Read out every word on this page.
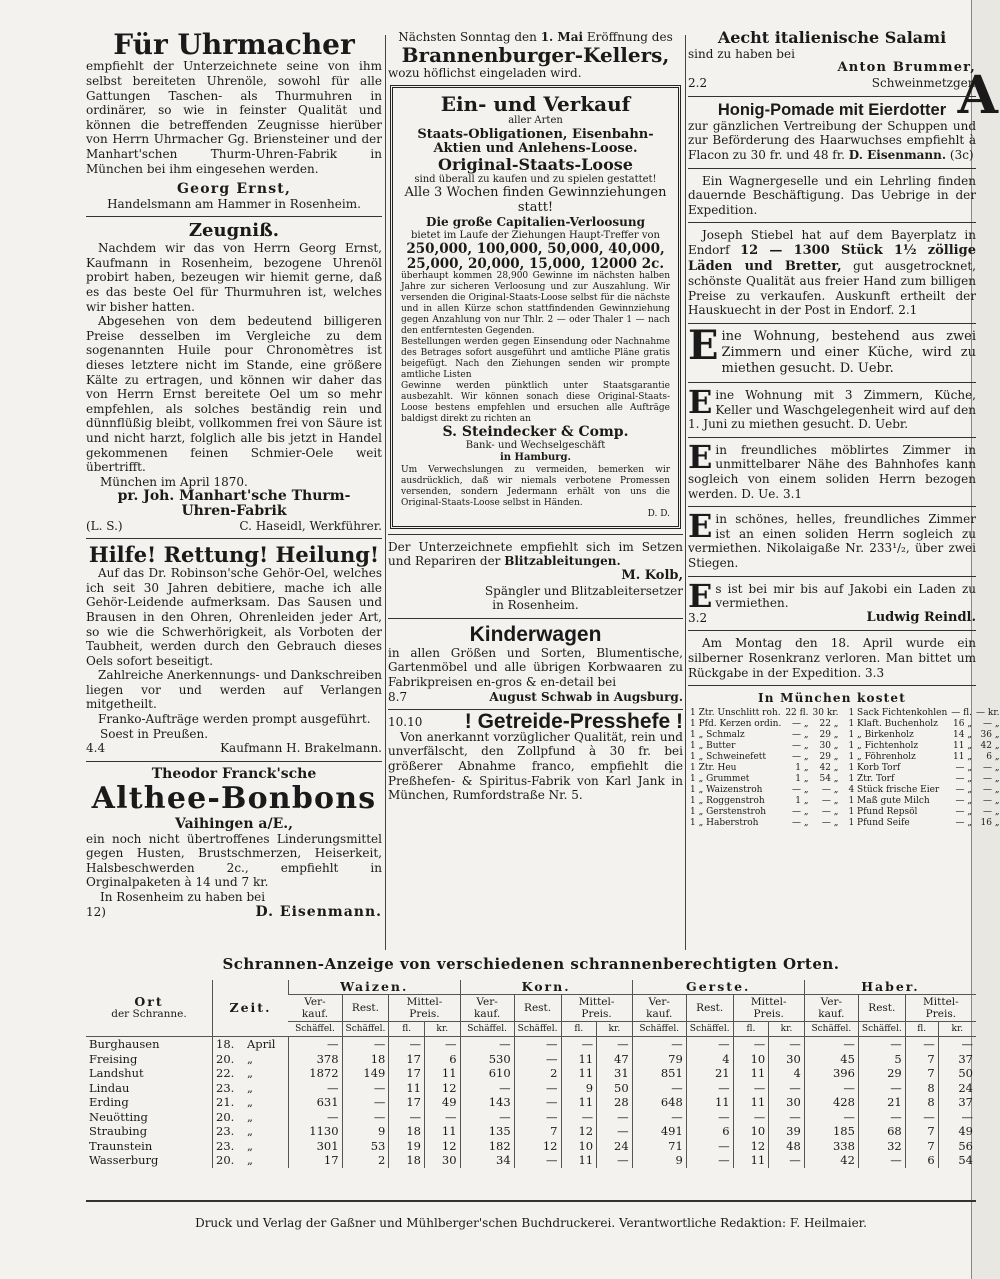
A
Für Uhrmacher
empfiehlt der Unterzeichnete seine von ihm selbst bereiteten Uhrenöle, sowohl für alle Gattungen Taschen- als Thurmuhren in ordinärer, so wie in feinster Qualität und können die betreffenden Zeugnisse hierüber von Herrn Uhrmacher Gg. Briensteiner und der Manhart'schen Thurm-Uhren-Fabrik in München bei ihm eingesehen werden.
Georg Ernst,
Handelsmann am Hammer in Rosenheim.
Zeugniß.
Nachdem wir das von Herrn Georg Ernst, Kaufmann in Rosenheim, bezogene Uhrenöl probirt haben, bezeugen wir hiemit gerne, daß es das beste Oel für Thurmuhren ist, welches wir bisher hatten.
Abgesehen von dem bedeutend billigeren Preise desselben im Vergleiche zu dem sogenannten Huile pour Chronomètres ist dieses letztere nicht im Stande, eine größere Kälte zu ertragen, und können wir daher das von Herrn Ernst bereitete Oel um so mehr empfehlen, als solches beständig rein und dünnflüßig bleibt, vollkommen frei von Säure ist und nicht harzt, folglich alle bis jetzt in Handel gekommenen feinen Schmier-Oele weit übertrifft.
München im April 1870.
pr. Joh. Manhart'sche Thurm-
Uhren-Fabrik
(L. S.)	C. Haseidl, Werkführer.
Hilfe! Rettung! Heilung!
Auf das Dr. Robinson'sche Gehör-Oel, welches ich seit 30 Jahren debitiere, mache ich alle Gehör-Leidende aufmerksam. Das Sausen und Brausen in den Ohren, Ohrenleiden jeder Art, so wie die Schwerhörigkeit, als Vorboten der Taubheit, werden durch den Gebrauch dieses Oels sofort beseitigt.
Zahlreiche Anerkennungs- und Dankschreiben liegen vor und werden auf Verlangen mitgetheilt.
Franko-Aufträge werden prompt ausgeführt.
Soest in Preußen.
4.4	Kaufmann H. Brakelmann.
Theodor Franck'sche
Althee-Bonbons
Vaihingen a/E.,
ein noch nicht übertroffenes Linderungsmittel gegen Husten, Brustschmerzen, Heiserkeit, Halsbeschwerden 2c., empfiehlt in Orginalpaketen à 14 und 7 kr.
In Rosenheim zu haben bei
12)	D. Eisenmann.
Nächsten Sonntag den 1. Mai Eröffnung des
Brannenburger-Kellers,
wozu höflichst eingeladen wird.
Ein- und Verkauf
aller Arten
Staats-Obligationen, Eisenbahn-Aktien und Anlehens-Loose.
Original-Staats-Loose
sind überall zu kaufen und zu spielen gestattet!
Alle 3 Wochen finden Gewinnziehungen statt!
Die große Capitalien-Verloosung
bietet im Laufe der Ziehungen Haupt-Treffer von
250,000, 100,000, 50,000, 40,000,
25,000, 20,000, 15,000, 12000 2c.
überhaupt kommen 28,900 Gewinne im nächsten halben Jahre zur sicheren Verloosung und zur Auszahlung. Wir versenden die Original-Staats-Loose selbst für die nächste und in allen Kürze schon stattfindenden Gewinnziehung gegen Anzahlung von nur Thlr. 2 — oder Thaler 1 — nach den entferntesten Gegenden.
Bestellungen werden gegen Einsendung oder Nachnahme des Betrages sofort ausgeführt und amtliche Pläne gratis beigefügt. Nach den Ziehungen senden wir prompte amtliche Listen
Gewinne werden pünktlich unter Staatsgarantie ausbezahlt. Wir können sonach diese Original-Staats-Loose bestens empfehlen und ersuchen alle Aufträge baldigst direkt zu richten an
S. Steindecker & Comp.
Bank- und Wechselgeschäft
in Hamburg.
Um Verwechslungen zu vermeiden, bemerken wir ausdrücklich, daß wir niemals verbotene Promessen versenden, sondern Jedermann erhält von uns die Original-Staats-Loose selbst in Händen.
D. D.
Der Unterzeichnete empfiehlt sich im Setzen und Repariren der Blitzableitungen.
M. Kolb,
Spängler und Blitzableitersetzer
in Rosenheim.
Kinderwagen
in allen Größen und Sorten, Blumentische, Gartenmöbel und alle übrigen Korbwaaren zu Fabrikpreisen en-gros & en-detail bei
8.7	August Schwab in Augsburg.
10.10 ! Getreide-Presshefe !
Von anerkannt vorzüglicher Qualität, rein und unverfälscht, den Zollpfund à 30 fr. bei größerer Abnahme franco, empfiehlt die Preßhefen- & Spiritus-Fabrik von Karl Jank in München, Rumfordstraße Nr. 5.
Aecht italienische Salami
sind zu haben bei
Anton Brummer,
2.2	Schweinmetzger.
Honig-Pomade mit Eierdotter
zur gänzlichen Vertreibung der Schuppen und zur Beförderung des Haarwuchses empfiehlt à Flacon zu 30 fr. und 48 fr. D. Eisenmann. (3c)
Ein Wagnergeselle und ein Lehrling finden dauernde Beschäftigung. Das Uebrige in der Expedition.
Joseph Stiebel hat auf dem Bayerplatz in Endorf 12 — 1300 Stück 1½ zöllige Läden und Bretter, gut ausgetrocknet, schönste Qualität aus freier Hand zum billigen Preise zu verkaufen. Auskunft ertheilt der Hauskuecht in der Post in Endorf. 2.1
Eine Wohnung, bestehend aus zwei Zimmern und einer Küche, wird zu miethen gesucht. D. Uebr.
Eine Wohnung mit 3 Zimmern, Küche, Keller und Waschgelegenheit wird auf den 1. Juni zu miethen gesucht. D. Uebr.
Ein freundliches möblirtes Zimmer in unmittelbarer Nähe des Bahnhofes kann sogleich von einem soliden Herrn bezogen werden. D. Ue. 3.1
Ein schönes, helles, freundliches Zimmer ist an einen soliden Herrn sogleich zu vermiethen. Nikolaigaße Nr. 233¹/₂, über zwei Stiegen.
Es ist bei mir bis auf Jakobi ein Laden zu vermiethen.
3.2	Ludwig Reindl.
Am Montag den 18. April wurde ein silberner Rosenkranz verloren. Man bittet um Rückgabe in der Expedition. 3.3
In München kostet
1 Ztr. Unschlitt roh.	22 fl.	30 kr.
1 Pfd. Kerzen ordin.	— „	22 „
1 „ Schmalz	— „	29 „
1 „ Butter	— „	30 „
1 „ Schweinefett	— „	29 „
1 Ztr. Heu	1 „	42 „
1 „ Grummet	1 „	54 „
1 „ Waizenstroh	— „	— „
1 „ Roggenstroh	1 „	— „
1 „ Gerstenstroh	— „	— „
1 „ Haberstroh	— „	— „
1 Sack Fichtenkohlen	— fl.	— kr.
1 Klaft. Buchenholz	16 „	— „
1 „ Birkenholz	14 „	36 „
1 „ Fichtenholz	11 „	42 „
1 „ Föhrenholz	11 „	6 „
1 Korb Torf	— „	— „
1 Ztr. Torf	— „	— „
4 Stück frische Eier	— „	— „
1 Maß gute Milch	— „	— „
1 Pfund Repsöl	— „	— „
1 Pfund Seife	— „	16 „
Schrannen-Anzeige von verschiedenen schrannenberechtigten Orten.
Ort
der Schranne.	Zeit.		Waizen.				Korn.				Gerste.				Haber.			
			Ver-kauf.	Rest.	Mittel-Preis.		Ver-kauf.	Rest.	Mittel-Preis.		Ver-kauf.	Rest.	Mittel-Preis.		Ver-kauf.	Rest.	Mittel-Preis.	
			Schäffel.	Schäffel.	fl.	kr.	Schäffel.	Schäffel.	fl.	kr.	Schäffel.	Schäffel.	fl.	kr.	Schäffel.	Schäffel.	fl.	kr.
Burghausen	18.	April	—	—	—	—	—	—	—	—	—	—	—	—	—	—	—	—
Freising	20.	„	378	18	17	6	530	—	11	47	79	4	10	30	45	5	7	37
Landshut	22.	„	1872	149	17	11	610	2	11	31	851	21	11	4	396	29	7	50
Lindau	23.	„	—	—	11	12	—	—	9	50	—	—	—	—	—	—	8	24
Erding	21.	„	631	—	17	49	143	—	11	28	648	11	11	30	428	21	8	37
Neuötting	20.	„	—	—	—	—	—	—	—	—	—	—	—	—	—	—	—	—
Straubing	23.	„	1130	9	18	11	135	7	12	—	491	6	10	39	185	68	7	49
Traunstein	23.	„	301	53	19	12	182	12	10	24	71	—	12	48	338	32	7	56
Wasserburg	20.	„	17	2	18	30	34	—	11	—	9	—	11	—	42	—	6	54
Druck und Verlag der Gaßner und Mühlberger'schen Buchdruckerei. Verantwortliche Redaktion: F. Heilmaier.
